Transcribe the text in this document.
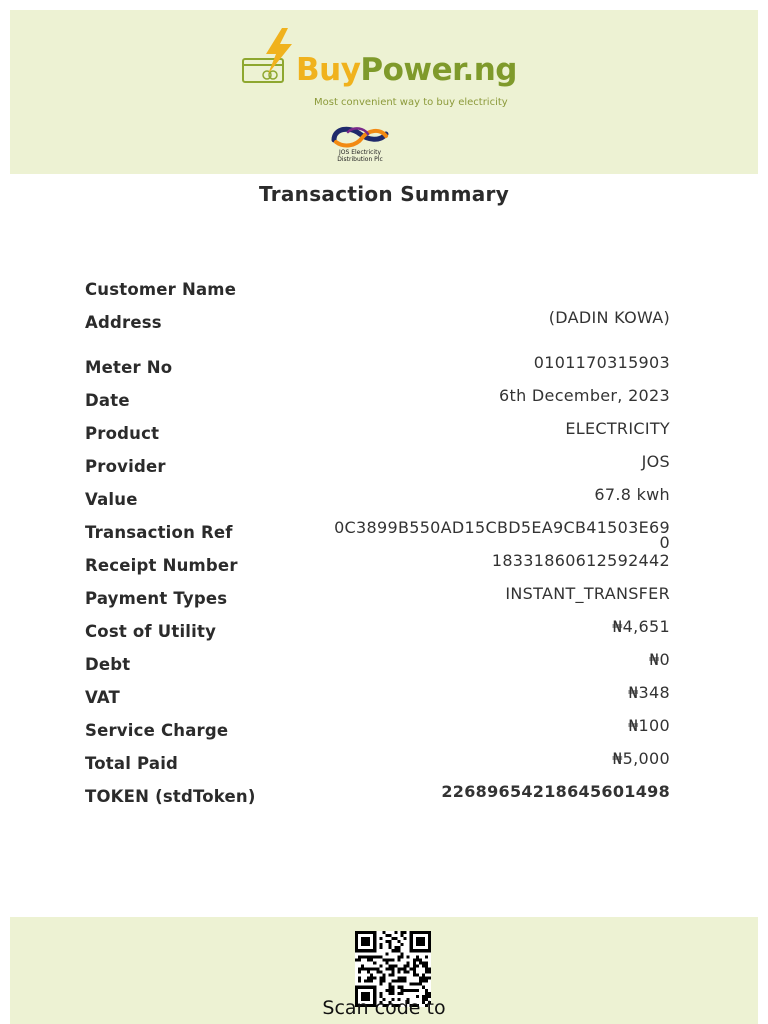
BuyPower.ng
Most convenient way to buy electricity
JOS Electricity
Distribution Plc
Transaction Summary
Customer Name
Address	(DADIN KOWA)
Meter No	0101170315903
Date	6th December, 2023
Product	ELECTRICITY
Provider	JOS
Value	67.8 kwh
Transaction Ref	0C3899B550AD15CBD5EA9CB41503E690
Receipt Number	18331860612592442
Payment Types	INSTANT_TRANSFER
Cost of Utility	₦4,651
Debt	₦0
VAT	₦348
Service Charge	₦100
Total Paid	₦5,000
TOKEN (stdToken)	22689654218645601498
Scan code to
